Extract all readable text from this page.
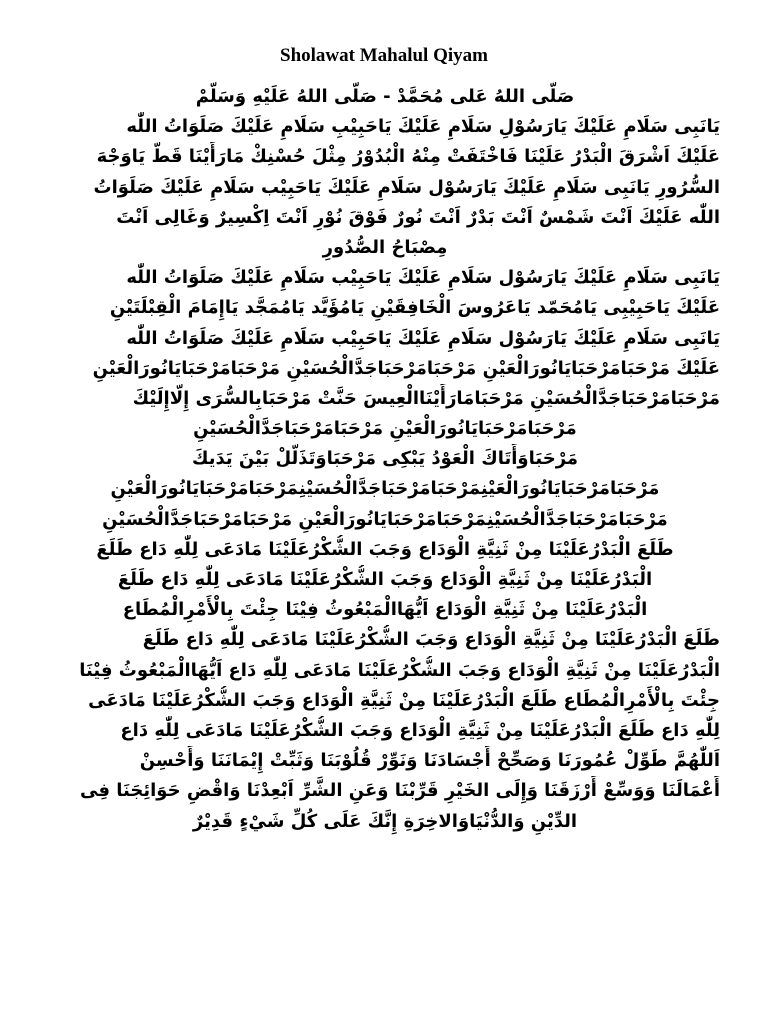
Sholawat Mahalul Qiyam
صَلَّى اللهُ عَلى مُحَمَّدْ - صَلَّى اللهُ عَلَيْهِ وَسَلَّمْ
يَانَبِى سَلَامِ عَلَيْكَ يَارَسُوْلِ سَلَامِ عَلَيْكَ يَاحَبِيْبِ سَلَامِ عَلَيْكَ صَلَوَاتُ اللّٰه
عَلَيْكَ اَشْرَقَ الْبَدْرُ عَلَيْنَا فَاخْتَفَتْ مِنْهُ الْبُدُوْرُ مِثْلَ حُسْنِكْ مَارَأَيْنَا قَطٌّ يَاوَجْهَ
السُّرُورِ يَانَبِى سَلَامِ عَلَيْكَ يَارَسُوْل سَلَامِ عَلَيْكَ يَاحَبِيْب سَلَامِ عَلَيْكَ صَلَوَاتُ
اللّٰه عَلَيْكَ اَنْتَ شَمْسٌ اَنْتَ بَدْرٌ اَنْتَ نُورٌ فَوْقَ نُوْرِ اَنْتَ اِكْسِيرٌ وَغَالِى اَنْتَ
مِصْبَاحُ الصُّدُورِ
يَانَبِى سَلَامِ عَلَيْكَ يَارَسُوْل سَلَامِ عَلَيْكَ يَاحَبِيْب سَلَامِ عَلَيْكَ صَلَوَاتُ اللّٰه
عَلَيْكَ يَاحَبِيْبِى يَامُحَمّد يَاعَرُوسَ الْخَافِقَيْنِ يَامُؤَيَّد يَامُمَجَّد يَاإِمَامَ الْقِبْلَتَيْنِ
يَانَبِى سَلَامِ عَلَيْكَ يَارَسُوْل سَلَامِ عَلَيْكَ يَاحَبِيْب سَلَامِ عَلَيْكَ صَلَوَاتُ اللّٰه
عَلَيْكَ مَرْحَبَامَرْحَبَايَانُورَالْعَيْنِ مَرْحَبَامَرْحَبَاجَدَّالْحُسَيْنِ مَرْحَبَامَرْحَبَايَانُورَالْعَيْنِ
مَرْحَبَامَرْحَبَاجَدَّالْحُسَيْنِ مَرْحَبَامَارَأَيْنَاالْعِيسَ حَنَّتْ مَرْحَبَابِالسُّرَى إِلَّاإِلَيْكَ
مَرْحَبَامَرْحَبَايَانُورَالْعَيْنِ مَرْحَبَامَرْحَبَاجَدَّالْحُسَيْنِ
مَرْحَبَاوَأَتَاكَ الْعَوْدُ يَبْكِى مَرْحَبَاوَتَذَلَّلْ بَيْنَ يَدَيكَ
مَرْحَبَامَرْحَبَايَانُورَالْعَيْنِمَرْحَبَامَرْحَبَاجَدَّالْحُسَيْنِمَرْحَبَامَرْحَبَايَانُورَالْعَيْنِ
مَرْحَبَامَرْحَبَاجَدَّالْحُسَيْنِمَرْحَبَامَرْحَبَايَانُورَالْعَيْنِ مَرْحَبَامَرْحَبَاجَدَّالْحُسَيْنِ
طَلَعَ الْبَدْرُعَلَيْنَا مِنْ ثَنِيَّةِ الْوَدَاع وَجَبَ الشُّكْرُعَلَيْنَا مَادَعَى لِلّٰهِ دَاع طَلَعَ
الْبَدْرُعَلَيْنَا مِنْ ثَنِيَّةِ الْوَدَاع وَجَبَ الشُّكْرُعَلَيْنَا مَادَعَى لِلّٰهِ دَاع طَلَعَ
الْبَدْرُعَلَيْنَا مِنْ ثَنِيَّةِ الْوَدَاع اَيُّهَاالْمَبْعُوثُ فِيْنَا جِئْتَ بِالْأَمْرِالْمُطَاع
طَلَعَ الْبَدْرُعَلَيْنَا مِنْ ثَنِيَّةِ الْوَدَاع وَجَبَ الشُّكْرُعَلَيْنَا مَادَعَى لِلّٰهِ دَاع طَلَعَ
الْبَدْرُعَلَيْنَا مِنْ ثَنِيَّةِ الْوَدَاع وَجَبَ الشُّكْرُعَلَيْنَا مَادَعَى لِلّٰهِ دَاع اَيُّهَاالْمَبْعُوثُ فِيْنَا
جِئْتَ بِالْأَمْرِالْمُطَاع طَلَعَ الْبَدْرُعَلَيْنَا مِنْ ثَنِيَّةِ الْوَدَاع وَجَبَ الشُّكْرُعَلَيْنَا مَادَعَى
لِلّٰهِ دَاع طَلَعَ الْبَدْرُعَلَيْنَا مِنْ ثَنِيَّةِ الْوَدَاع وَجَبَ الشُّكْرُعَلَيْنَا مَادَعَى لِلّٰهِ دَاع
اَللّٰهُمَّ طَوِّلْ عُمُورَنَا وَصَحِّحْ أَجْسَادَنَا وَنَوِّرْ قُلُوْبَنَا وَثَبِّتْ إِيْمَانَنَا وَأَحْسِنْ
أَعْمَالَنَا وَوَسِّعْ أَرْزَقَنَا وَإِلَى الخَيْرِ قَرِّبْنَا وَعَنِ الشَّرِّ اَبْعِدْنَا وَاقْضِ حَوَائِجَنَا فِى
الدِّيْنِ وَالدُّنْيَاوَالاخِرَةِ إِنَّكَ عَلَى كُلِّ شَيْءٍ قَدِيْرٌ
